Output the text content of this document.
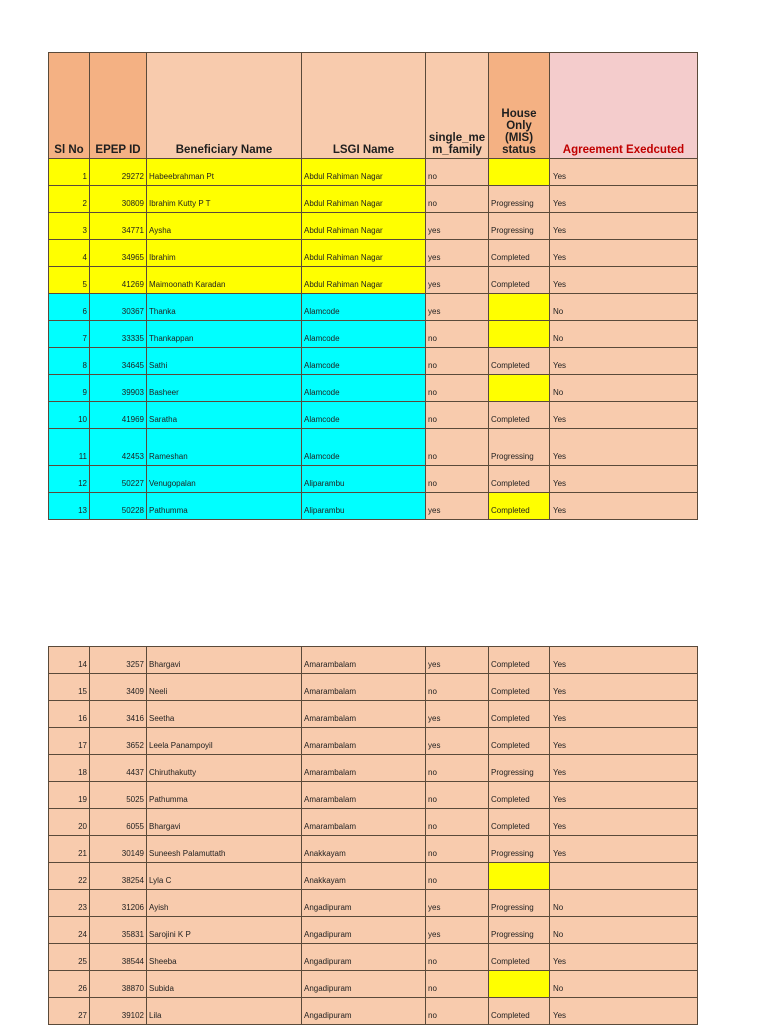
Sl No	EPEP ID	Beneficiary Name	LSGI Name	single_me m_family	House Only (MIS) status	Agreement Exedcuted
1	29272	Habeebrahman Pt	Abdul Rahiman Nagar	no		Yes
2	30809	Ibrahim Kutty P T	Abdul Rahiman Nagar	no	Progressing	Yes
3	34771	Aysha	Abdul Rahiman Nagar	yes	Progressing	Yes
4	34965	Ibrahim	Abdul Rahiman Nagar	yes	Completed	Yes
5	41269	Maimoonath Karadan	Abdul Rahiman Nagar	yes	Completed	Yes
6	30367	Thanka	Alamcode	yes		No
7	33335	Thankappan	Alamcode	no		No
8	34645	Sathi	Alamcode	no	Completed	Yes
9	39903	Basheer	Alamcode	no		No
10	41969	Saratha	Alamcode	no	Completed	Yes
11	42453	Rameshan	Alamcode	no	Progressing	Yes
12	50227	Venugopalan	Aliparambu	no	Completed	Yes
13	50228	Pathumma	Aliparambu	yes	Completed	Yes
14	3257	Bhargavi	Amarambalam	yes	Completed	Yes
15	3409	Neeli	Amarambalam	no	Completed	Yes
16	3416	Seetha	Amarambalam	yes	Completed	Yes
17	3652	Leela Panampoyil	Amarambalam	yes	Completed	Yes
18	4437	Chiruthakutty	Amarambalam	no	Progressing	Yes
19	5025	Pathumma	Amarambalam	no	Completed	Yes
20	6055	Bhargavi	Amarambalam	no	Completed	Yes
21	30149	Suneesh Palamuttath	Anakkayam	no	Progressing	Yes
22	38254	Lyla C	Anakkayam	no		
23	31206	Ayish	Angadipuram	yes	Progressing	No
24	35831	Sarojini K P	Angadipuram	yes	Progressing	No
25	38544	Sheeba	Angadipuram	no	Completed	Yes
26	38870	Subida	Angadipuram	no		No
27	39102	Lila	Angadipuram	no	Completed	Yes
